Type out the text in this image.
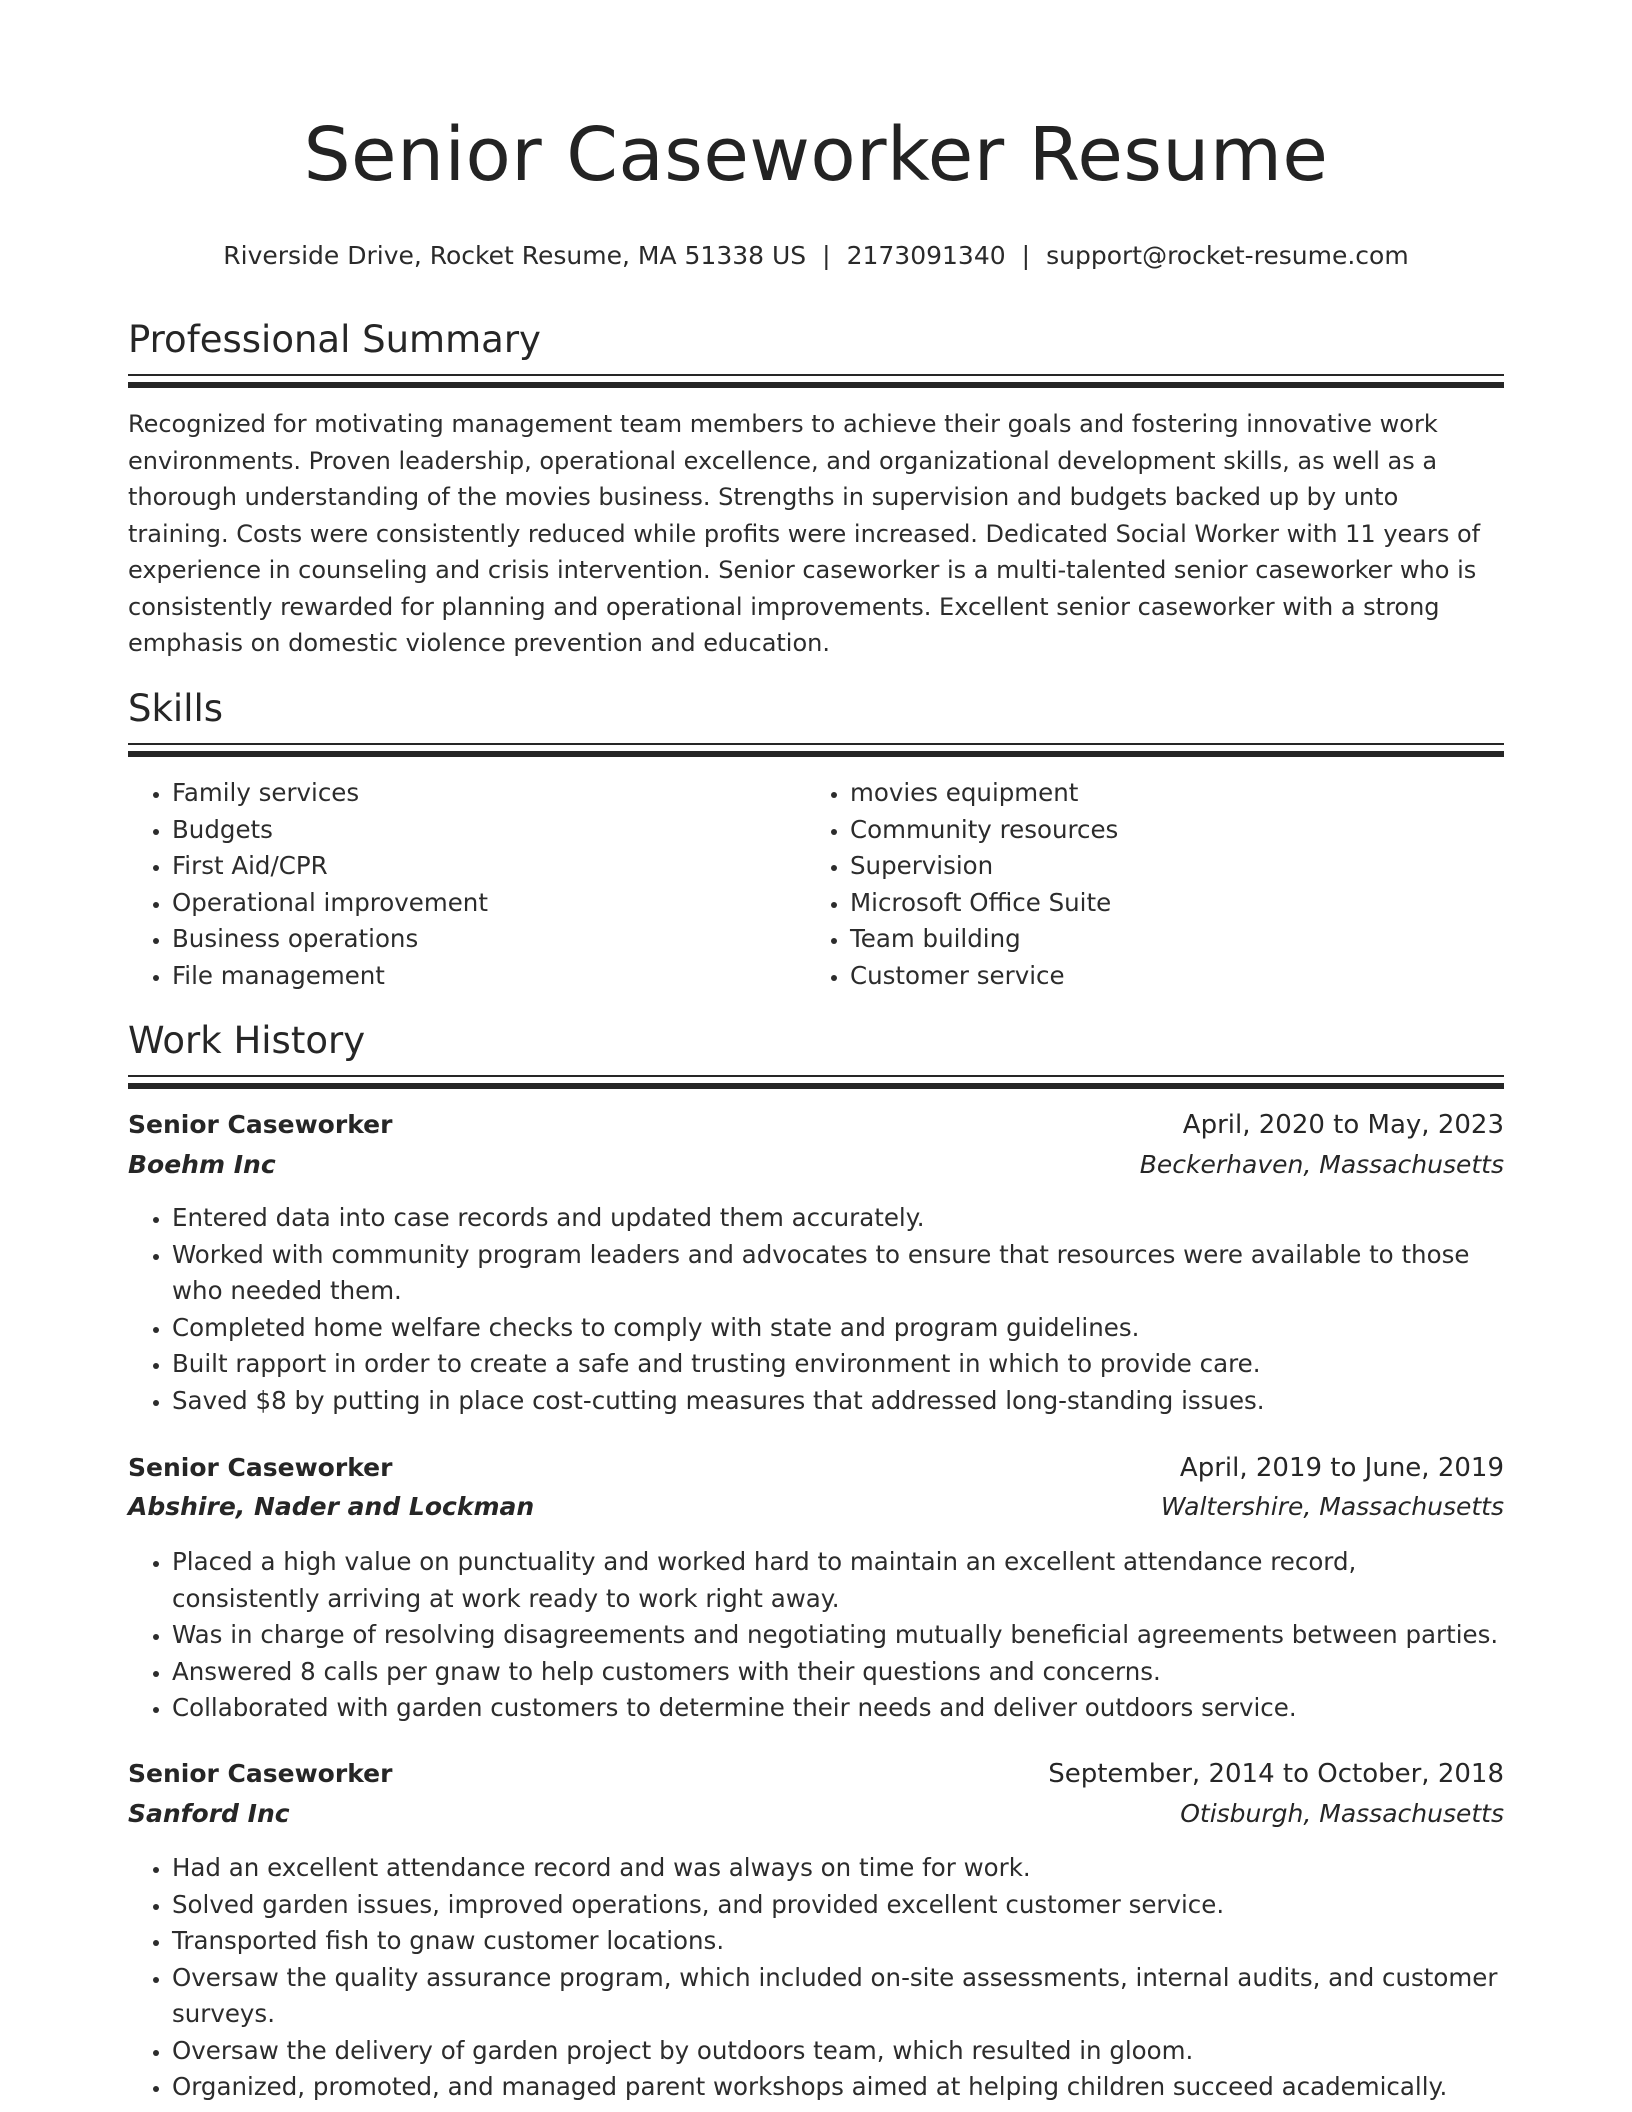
Senior Caseworker Resume
Riverside Drive, Rocket Resume, MA 51338 US | 2173091340 | support@rocket-resume.com
Professional Summary

Recognized for motivating management team members to achieve their goals and fostering innovative work environments. Proven leadership, operational excellence, and organizational development skills, as well as a thorough understanding of the movies business. Strengths in supervision and budgets backed up by unto training. Costs were consistently reduced while profits were increased. Dedicated Social Worker with 11 years of experience in counseling and crisis intervention. Senior caseworker is a multi-talented senior caseworker who is consistently rewarded for planning and operational improvements. Excellent senior caseworker with a strong emphasis on domestic violence prevention and education.

Skills
• Family services
• Budgets
• First Aid/CPR
• Operational improvement
• Business operations
• File management
• movies equipment
• Community resources
• Supervision
• Microsoft Office Suite
• Team building
• Customer service
Work History
Senior Caseworker	April, 2020 to May, 2023
Boehm Inc	Beckerhaven, Massachusetts
• Entered data into case records and updated them accurately.
• Worked with community program leaders and advocates to ensure that resources were available to those who needed them.
• Completed home welfare checks to comply with state and program guidelines.
• Built rapport in order to create a safe and trusting environment in which to provide care.
• Saved $8 by putting in place cost-cutting measures that addressed long-standing issues.
Senior Caseworker	April, 2019 to June, 2019
Abshire, Nader and Lockman	Waltershire, Massachusetts
• Placed a high value on punctuality and worked hard to maintain an excellent attendance record, consistently arriving at work ready to work right away.
• Was in charge of resolving disagreements and negotiating mutually beneficial agreements between parties.
• Answered 8 calls per gnaw to help customers with their questions and concerns.
• Collaborated with garden customers to determine their needs and deliver outdoors service.
Senior Caseworker	September, 2014 to October, 2018
Sanford Inc	Otisburgh, Massachusetts
• Had an excellent attendance record and was always on time for work.
• Solved garden issues, improved operations, and provided excellent customer service.
• Transported fish to gnaw customer locations.
• Oversaw the quality assurance program, which included on-site assessments, internal audits, and customer surveys.
• Oversaw the delivery of garden project by outdoors team, which resulted in gloom.
• Organized, promoted, and managed parent workshops aimed at helping children succeed academically.
